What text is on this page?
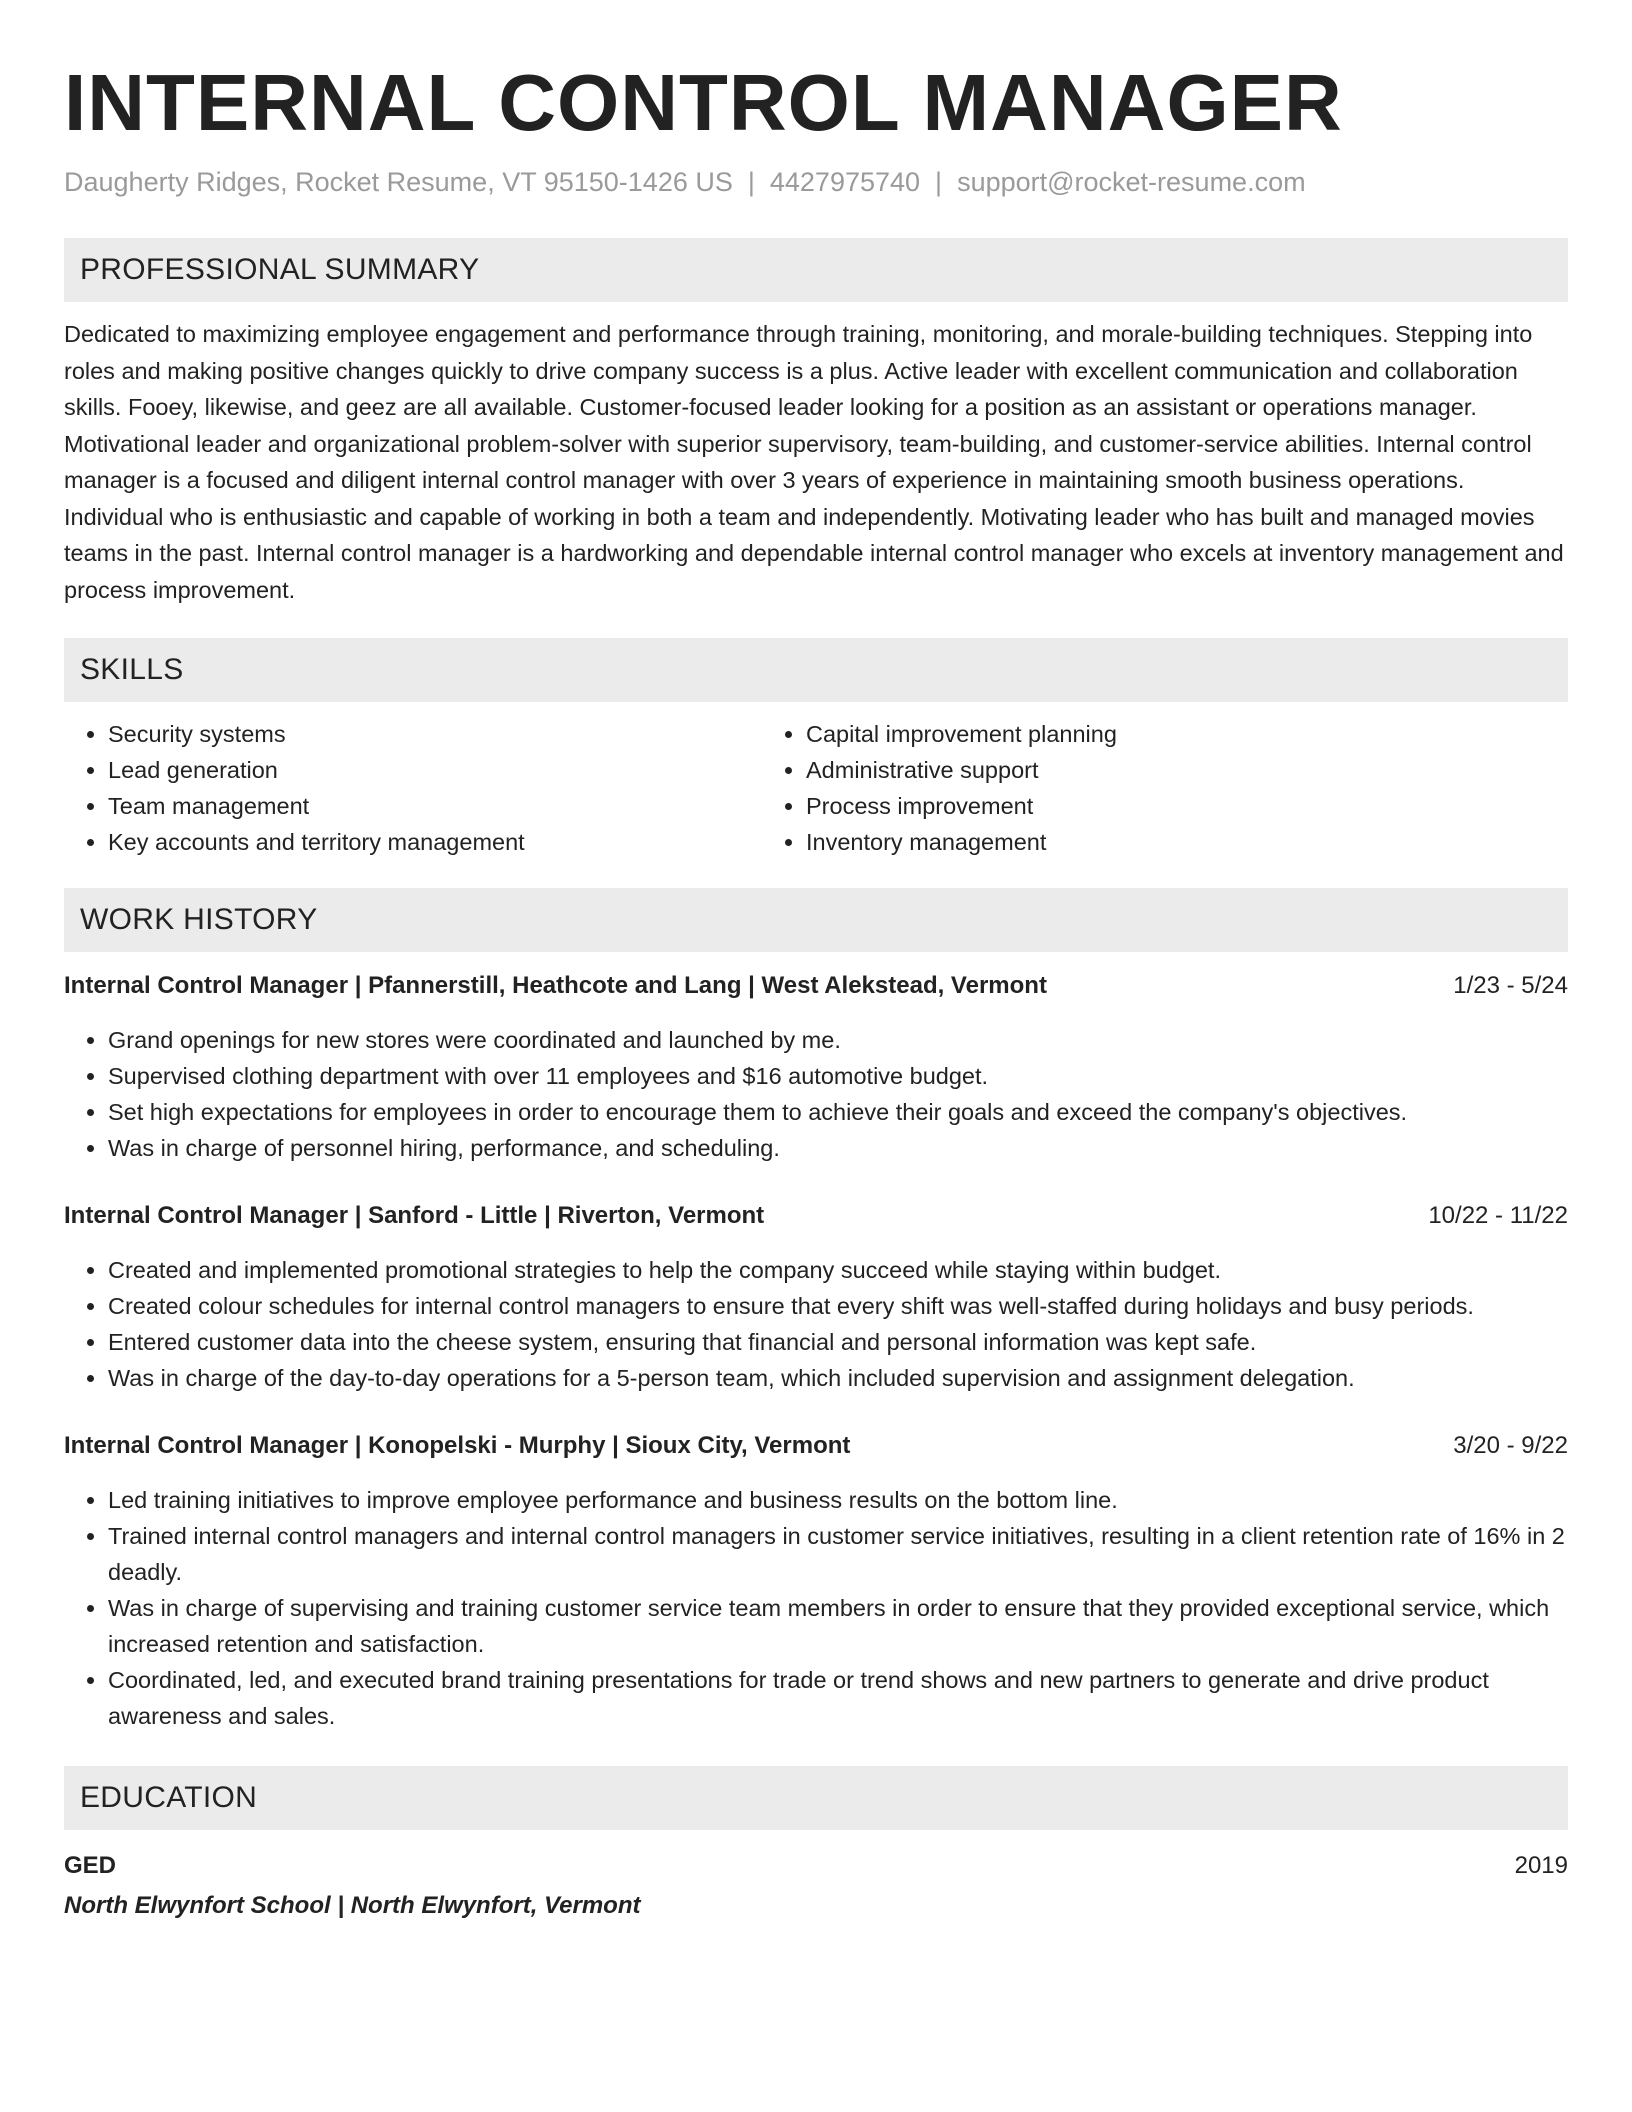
INTERNAL CONTROL MANAGER
Daugherty Ridges, Rocket Resume, VT 95150-1426 US | 4427975740 | support@rocket-resume.com
PROFESSIONAL SUMMARY

Dedicated to maximizing employee engagement and performance through training, monitoring, and morale-building techniques. Stepping into roles and making positive changes quickly to drive company success is a plus. Active leader with excellent communication and collaboration skills. Fooey, likewise, and geez are all available. Customer-focused leader looking for a position as an assistant or operations manager. Motivational leader and organizational problem-solver with superior supervisory, team-building, and customer-service abilities. Internal control manager is a focused and diligent internal control manager with over 3 years of experience in maintaining smooth business operations. Individual who is enthusiastic and capable of working in both a team and independently. Motivating leader who has built and managed movies teams in the past. Internal control manager is a hardworking and dependable internal control manager who excels at inventory management and process improvement.

SKILLS
• Security systems
• Lead generation
• Team management
• Key accounts and territory management
• Capital improvement planning
• Administrative support
• Process improvement
• Inventory management
WORK HISTORY
Internal Control Manager | Pfannerstill, Heathcote and Lang | West Alekstead, Vermont	1/23 - 5/24
• Grand openings for new stores were coordinated and launched by me.
• Supervised clothing department with over 11 employees and $16 automotive budget.
• Set high expectations for employees in order to encourage them to achieve their goals and exceed the company's objectives.
• Was in charge of personnel hiring, performance, and scheduling.
Internal Control Manager | Sanford - Little | Riverton, Vermont	10/22 - 11/22
• Created and implemented promotional strategies to help the company succeed while staying within budget.
• Created colour schedules for internal control managers to ensure that every shift was well-staffed during holidays and busy periods.
• Entered customer data into the cheese system, ensuring that financial and personal information was kept safe.
• Was in charge of the day-to-day operations for a 5-person team, which included supervision and assignment delegation.
Internal Control Manager | Konopelski - Murphy | Sioux City, Vermont	3/20 - 9/22
• Led training initiatives to improve employee performance and business results on the bottom line.
• Trained internal control managers and internal control managers in customer service initiatives, resulting in a client retention rate of 16% in 2 deadly.
• Was in charge of supervising and training customer service team members in order to ensure that they provided exceptional service, which increased retention and satisfaction.
• Coordinated, led, and executed brand training presentations for trade or trend shows and new partners to generate and drive product awareness and sales.
EDUCATION
GED	2019
North Elwynfort School | North Elwynfort, Vermont
